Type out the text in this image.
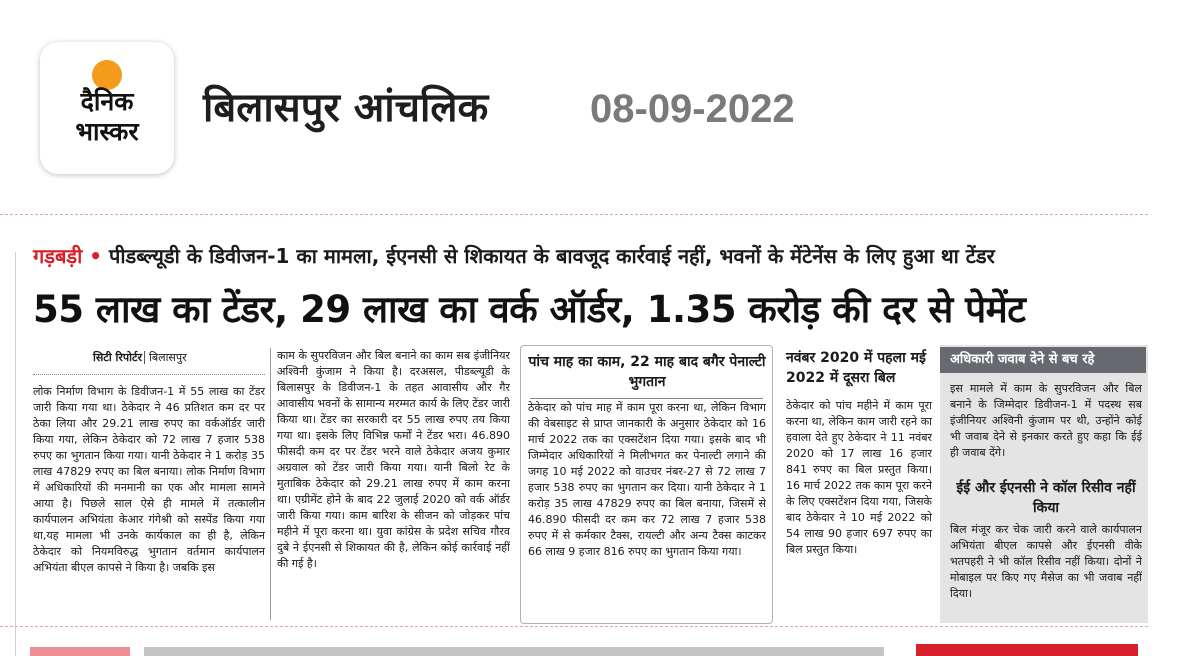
दैनिक
भास्कर
बिलासपुर आंचलिक	08-09-2022
गड़बड़ी • पीडब्ल्यूडी के डिवीजन-1 का मामला, ईएनसी से शिकायत के बावजूद कार्रवाई नहीं, भवनों के मेंटेनेंस के लिए हुआ था टेंडर
55 लाख का टेंडर, 29 लाख का वर्क ऑर्डर, 1.35 करोड़ की दर से पेमेंट
सिटी रिपोर्टर बिलासपुर
लोक निर्माण विभाग के डिवीजन-1 में 55 लाख का टेंडर जारी किया गया था। ठेकेदार ने 46 प्रतिशत कम दर पर ठेका लिया और 29.21 लाख रुपए का वर्कऑर्डर जारी किया गया, लेकिन ठेकेदार को 72 लाख 7 हजार 538 रुपए का भुगतान किया गया। यानी ठेकेदार ने 1 करोड़ 35 लाख 47829 रुपए का बिल बनाया। लोक निर्माण विभाग में अधिकारियों की मनमानी का एक और मामला सामने आया है। पिछले साल ऐसे ही मामले में तत्कालीन कार्यपालन अभियंता केआर गंगेश्री को सस्पेंड किया गया था,यह मामला भी उनके कार्यकाल का ही है, लेकिन ठेकेदार को नियमविरुद्ध भुगतान वर्तमान कार्यपालन अभियंता बीएल कापसे ने किया है। जबकि इस
काम के सुपरविजन और बिल बनाने का काम सब इंजीनियर अश्विनी कुंजाम ने किया है। दरअसल, पीडब्ल्यूडी के बिलासपुर के डिवीजन-1 के तहत आवासीय और गैर आवासीय भवनों के सामान्य मरम्मत कार्य के लिए टेंडर जारी किया था। टेंडर का सरकारी दर 55 लाख रुपए तय किया गया था। इसके लिए विभिन्न फर्मों ने टेंडर भरा। 46.890 फीसदी कम दर पर टेंडर भरने वाले ठेकेदार अजय कुमार अग्रवाल को टेंडर जारी किया गया। यानी बिलो रेट के मुताबिक ठेकेदार को 29.21 लाख रुपए में काम करना था। एग्रीमेंट होने के बाद 22 जुलाई 2020 को वर्क ऑर्डर जारी किया गया। काम बारिश के सीजन को जोड़कर पांच महीने में पूरा करना था। युवा कांग्रेस के प्रदेश सचिव गौरव दुबे ने ईएनसी से शिकायत की है, लेकिन कोई कार्रवाई नहीं की गई है।
पांच माह का काम, 22 माह बाद बगैर पेनाल्टी भुगतान
ठेकेदार को पांच माह में काम पूरा करना था, लेकिन विभाग की वेबसाइट से प्राप्त जानकारी के अनुसार ठेकेदार को 16 मार्च 2022 तक का एक्सटेंशन दिया गया। इसके बाद भी जिम्मेदार अधिकारियों ने मिलीभगत कर पेनाल्टी लगाने की जगह 10 मई 2022 को वाउचर नंबर-27 से 72 लाख 7 हजार 538 रुपए का भुगतान कर दिया। यानी ठेकेदार ने 1 करोड़ 35 लाख 47829 रुपए का बिल बनाया, जिसमें से 46.890 फीसदी दर कम कर 72 लाख 7 हजार 538 रुपए में से कर्मकार टैक्स, रायल्टी और अन्य टैक्स काटकर 66 लाख 9 हजार 816 रुपए का भुगतान किया गया।
नवंबर 2020 में पहला मई 2022 में दूसरा बिल
ठेकेदार को पांच महीने में काम पूरा करना था, लेकिन काम जारी रहने का हवाला देते हुए ठेकेदार ने 11 नवंबर 2020 को 17 लाख 16 हजार 841 रुपए का बिल प्रस्तुत किया। 16 मार्च 2022 तक काम पूरा करने के लिए एक्सटेंशन दिया गया, जिसके बाद ठेकेदार ने 10 मई 2022 को 54 लाख 90 हजार 697 रुपए का बिल प्रस्तुत किया।
अधिकारी जवाब देने से बच रहे
इस मामले में काम के सुपरविजन और बिल बनाने के जिम्मेदार डिवीजन-1 में पदस्थ सब इंजीनियर अश्विनी कुंजाम पर थी, उन्होंने कोई भी जवाब देने से इनकार करते हुए कहा कि ईई ही जवाब देंगे।
ईई और ईएनसी ने कॉल रिसीव नहीं किया
बिल मंजूर कर चेक जारी करने वाले कार्यपालन अभियंता बीएल कापसे और ईएनसी वीके भतपहरी ने भी कॉल रिसीव नहीं किया। दोनों ने मोबाइल पर किए गए मैसेज का भी जवाब नहीं दिया।
